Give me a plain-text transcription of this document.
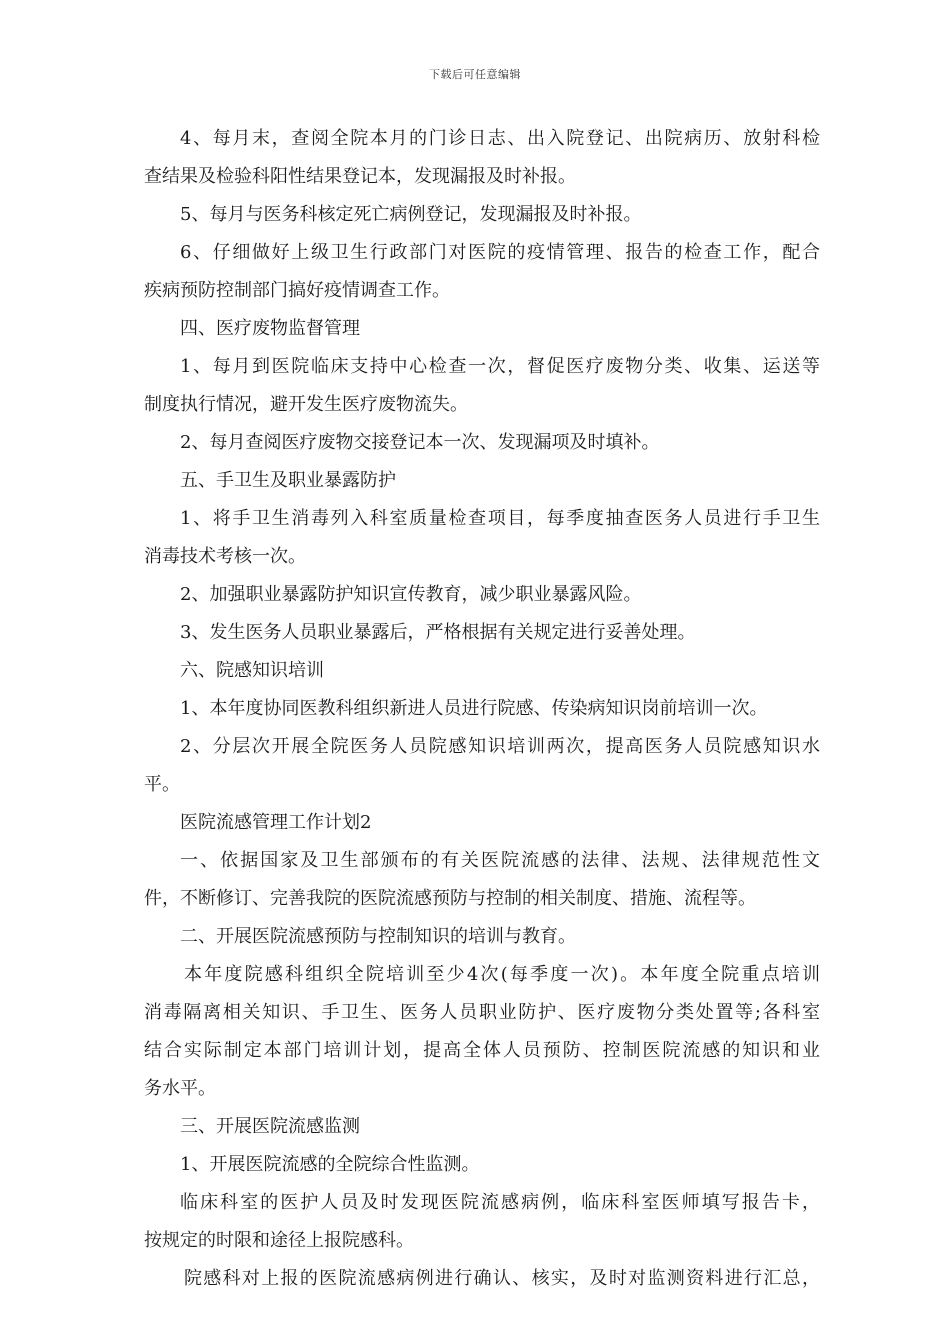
下载后可任意编辑
4、每月末，查阅全院本月的门诊日志、出入院登记、出院病历、放射科检
查结果及检验科阳性结果登记本，发现漏报及时补报。
5、每月与医务科核定死亡病例登记，发现漏报及时补报。
6、仔细做好上级卫生行政部门对医院的疫情管理、报告的检查工作，配合
疾病预防控制部门搞好疫情调查工作。
四、医疗废物监督管理
1、每月到医院临床支持中心检查一次，督促医疗废物分类、收集、运送等
制度执行情况，避开发生医疗废物流失。
2、每月查阅医疗废物交接登记本一次、发现漏项及时填补。
五、手卫生及职业暴露防护
1、将手卫生消毒列入科室质量检查项目，每季度抽查医务人员进行手卫生
消毒技术考核一次。
2、加强职业暴露防护知识宣传教育，减少职业暴露风险。
3、发生医务人员职业暴露后，严格根据有关规定进行妥善处理。
六、院感知识培训
1、本年度协同医教科组织新进人员进行院感、传染病知识岗前培训一次。
2、分层次开展全院医务人员院感知识培训两次，提高医务人员院感知识水
平。
医院流感管理工作计划2
一、依据国家及卫生部颁布的有关医院流感的法律、法规、法律规范性文
件，不断修订、完善我院的医院流感预防与控制的相关制度、措施、流程等。
二、开展医院流感预防与控制知识的培训与教育。
本年度院感科组织全院培训至少4次(每季度一次)。本年度全院重点培训
消毒隔离相关知识、手卫生、医务人员职业防护、医疗废物分类处置等;各科室
结合实际制定本部门培训计划，提高全体人员预防、控制医院流感的知识和业
务水平。
三、开展医院流感监测
1、开展医院流感的全院综合性监测。
临床科室的医护人员及时发现医院流感病例，临床科室医师填写报告卡，
按规定的时限和途径上报院感科。
院感科对上报的医院流感病例进行确认、核实，及时对监测资料进行汇总，
